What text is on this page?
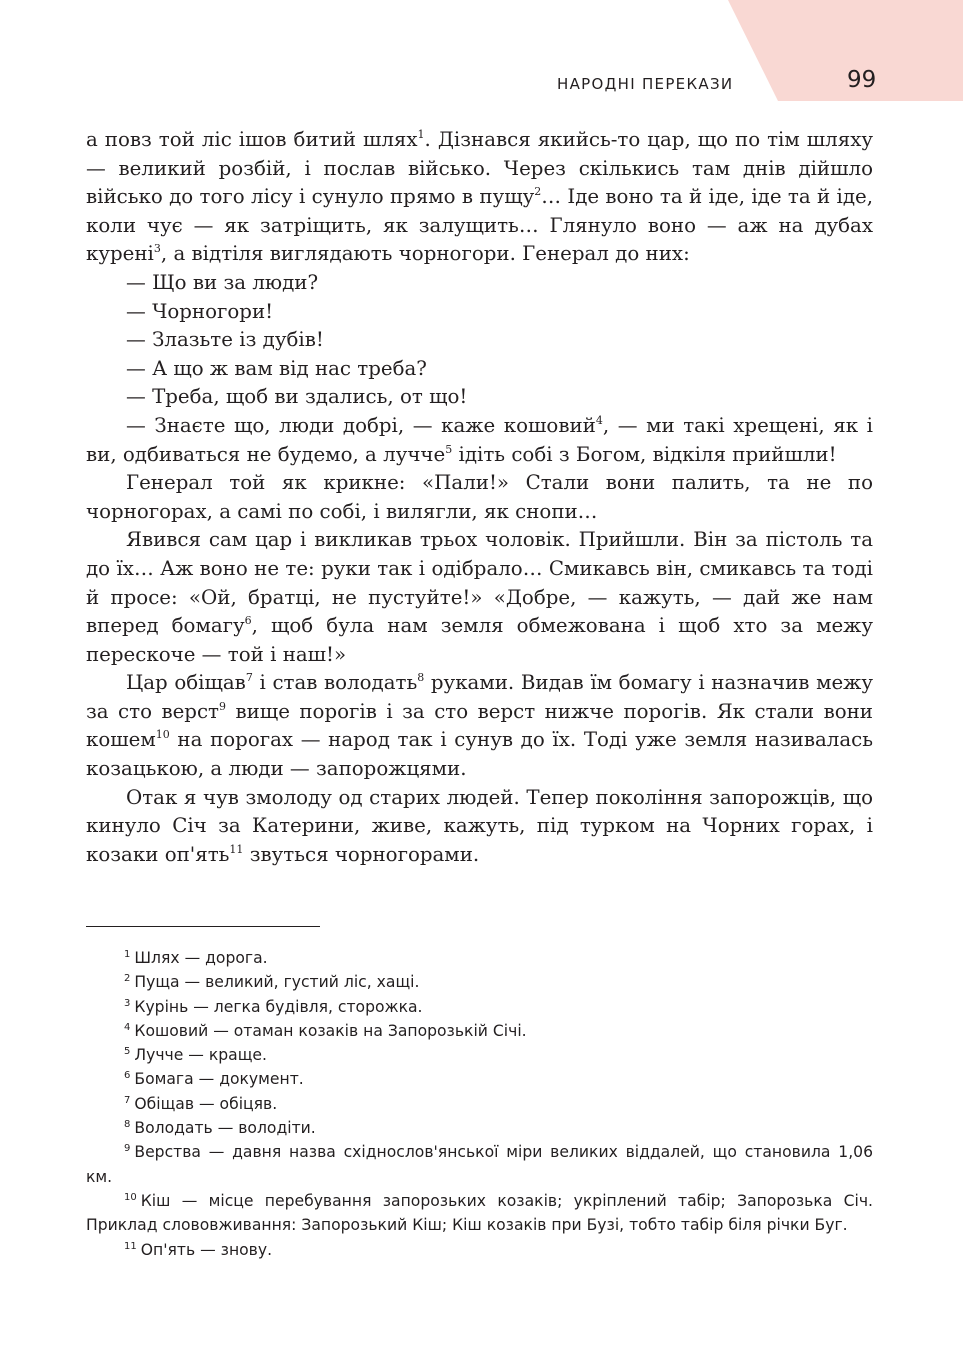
НАРОДНІ ПЕРЕКАЗИ	99

а повз той ліс ішов битий шлях$^1$. Дізнався якийсь-то цар, що по тім шляху — великий розбій, і послав військо. Через скількись там днів дійшло військо до того лісу і сунуло прямо в пущу$^2$… Іде воно та й іде, іде та й іде, коли чує — як затріщить, як залущить… Глянуло воно — аж на дубах курені$^3$, а відтіля виглядають чорногори. Генерал до них:

— Що ви за люди?

— Чорногори!

— Злазьте із дубів!

— А що ж вам від нас треба?

— Треба, щоб ви здались, от що!

— Знаєте що, люди добрі, — каже кошовий$^4$, — ми такі хрещені, як і ви, одбиваться не будемо, а лучче$^5$ ідіть собі з Богом, відкіля прийшли!

Генерал той як крикне: «Пали!» Стали вони палить, та не по чорногорах, а самі по собі, і вилягли, як снопи…

Явився сам цар і викликав трьох чоловік. Прийшли. Він за пістоль та до їх… Аж воно не те: руки так і одібрало… Смикавсь він, смикавсь та тоді й просе: «Ой, братці, не пустуйте!» «Добре, — кажуть, — дай же нам вперед бомагу$^6$, щоб була нам земля обмежована і щоб хто за межу перескоче — той і наш!»

Цар обіщав$^7$ і став володать$^8$ руками. Видав їм бомагу і назначив межу за сто верст$^9$ вище порогів і за сто верст нижче порогів. Як стали вони кошем$^{10}$ на порогах — народ так і сунув до їх. Тоді уже земля називалась козацькою, а люди — запорожцями.

Отак я чув змолоду од старих людей. Тепер покоління запорожців, що кинуло Січ за Катерини, живе, кажуть, під турком на Чорних горах, і козаки оп'ять$^{11}$ звуться чорногорами.

$^1$ Шлях — дорога.

$^2$ Пуща — великий, густий ліс, хащі.

$^3$ Курінь — легка будівля, сторожка.

$^4$ Кошовий — отаман козаків на Запорозькій Січі.

$^5$ Лучче — краще.

$^6$ Бомага — документ.

$^7$ Обіщав — обіцяв.

$^8$ Володать — володіти.

$^9$ Верства — давня назва східнослов'янської міри великих віддалей, що становила 1,06 км.

$^{10}$ Кіш — місце перебування запорозьких козаків; укріплений табір; Запорозька Січ. Приклад слововживання: Запорозький Кіш; Кіш козаків при Бузі, тобто табір біля річки Буг.

$^{11}$ Оп'ять — знову.
